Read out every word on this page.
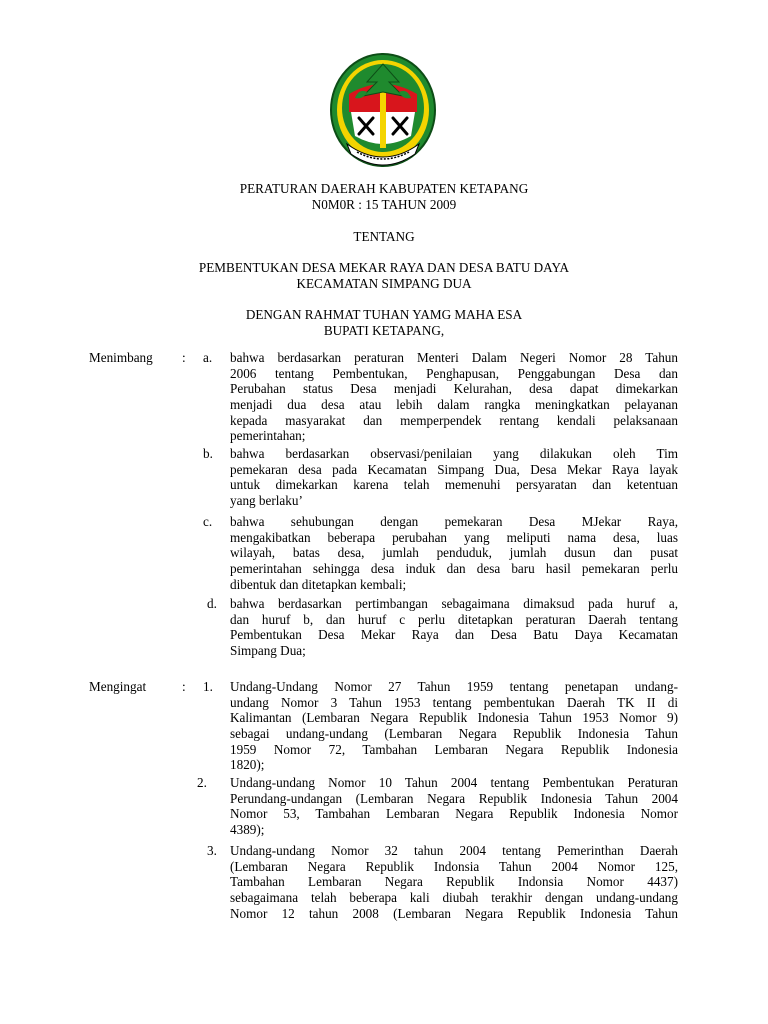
PERATURAN DAERAH KABUPATEN KETAPANG
N0M0R : 15 TAHUN 2009
TENTANG
PEMBENTUKAN DESA MEKAR RAYA DAN DESA BATU DAYA
KECAMATAN SIMPANG DUA
DENGAN RAHMAT TUHAN YAMG MAHA ESA
BUPATI KETAPANG,
Menimbang : a. bahwa berdasarkan peraturan Menteri Dalam Negeri Nomor 28 Tahun
2006 tentang Pembentukan, Penghapusan, Penggabungan Desa dan
Perubahan status Desa menjadi Kelurahan, desa dapat dimekarkan
menjadi dua desa atau lebih dalam rangka meningkatkan pelayanan
kepada masyarakat dan memperpendek rentang kendali pelaksanaan
pemerintahan;
b. bahwa berdasarkan observasi/penilaian yang dilakukan oleh Tim
pemekaran desa pada Kecamatan Simpang Dua, Desa Mekar Raya layak
untuk dimekarkan karena telah memenuhi persyaratan dan ketentuan
yang berlaku’
c. bahwa sehubungan dengan pemekaran Desa MJekar Raya,
mengakibatkan beberapa perubahan yang meliputi nama desa, luas
wilayah, batas desa, jumlah penduduk, jumlah dusun dan pusat
pemerintahan sehingga desa induk dan desa baru hasil pemekaran perlu
dibentuk dan ditetapkan kembali;
d. bahwa berdasarkan pertimbangan sebagaimana dimaksud pada huruf a,
dan huruf b, dan huruf c perlu ditetapkan peraturan Daerah tentang
Pembentukan Desa Mekar Raya dan Desa Batu Daya Kecamatan
Simpang Dua;
Mengingat	: 1. Undang-Undang Nomor 27 Tahun 1959 tentang penetapan undang-
undang Nomor 3 Tahun 1953 tentang pembentukan Daerah TK II di
Kalimantan (Lembaran Negara Republik Indonesia Tahun 1953 Nomor 9)
sebagai undang-undang (Lembaran Negara Republik Indonesia Tahun
1959 Nomor 72, Tambahan Lembaran Negara Republik Indonesia
1820);
2. Undang-undang Nomor 10 Tahun 2004 tentang Pembentukan Peraturan
Perundang-undangan (Lembaran Negara Republik Indonesia Tahun 2004
Nomor 53, Tambahan Lembaran Negara Republik Indonesia Nomor
4389);
3. Undang-undang Nomor 32 tahun 2004 tentang Pemerinthan Daerah
(Lembaran Negara Republik Indonsia Tahun 2004 Nomor 125,
Tambahan Lembaran Negara Republik Indonsia Nomor 4437)
sebagaimana telah beberapa kali diubah terakhir dengan undang-undang
Nomor 12 tahun 2008 (Lembaran Negara Republik Indonesia Tahun
